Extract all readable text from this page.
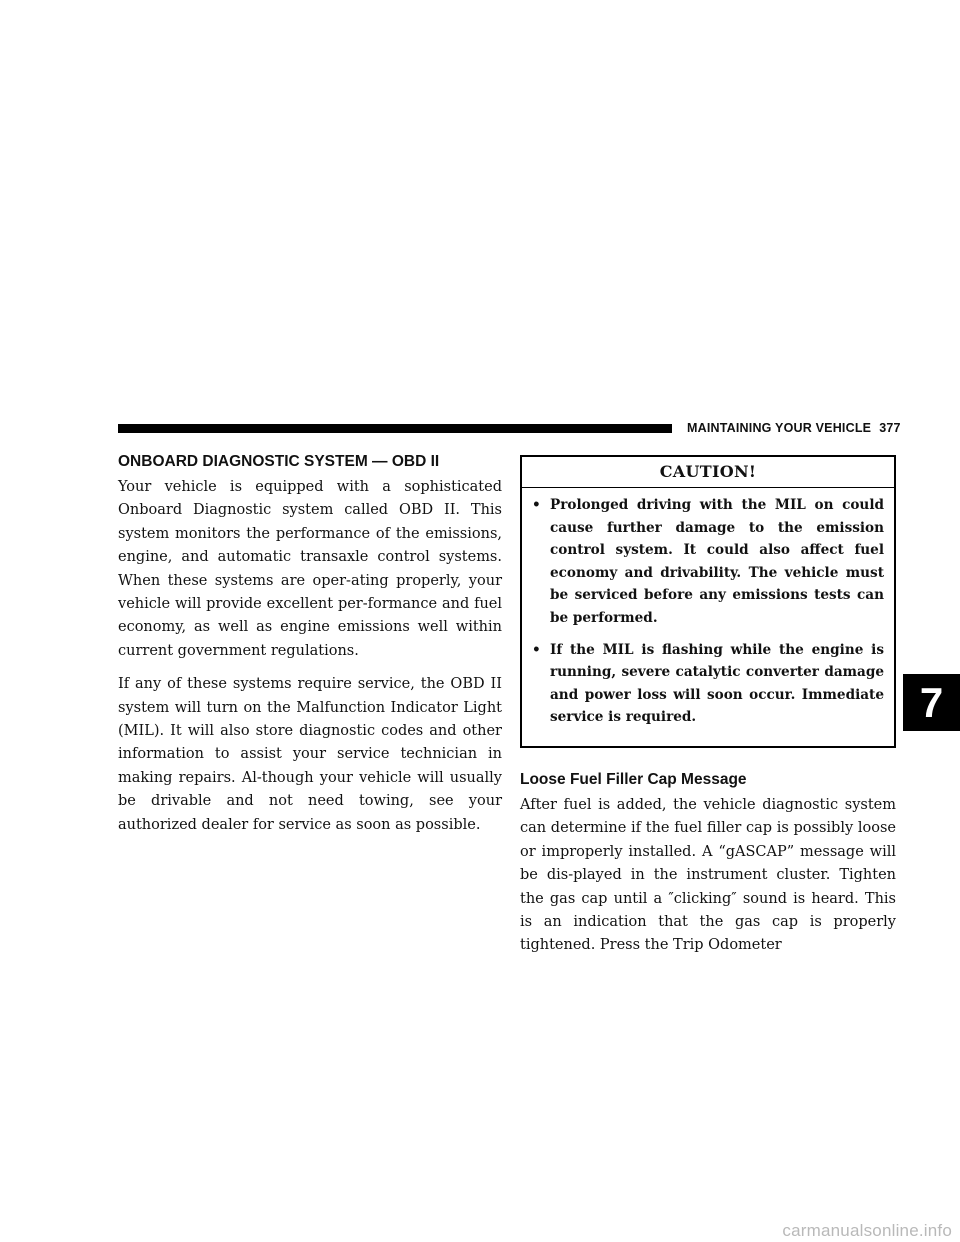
MAINTAINING YOUR VEHICLE 377
ONBOARD DIAGNOSTIC SYSTEM — OBD II

Your vehicle is equipped with a sophisticated Onboard Diagnostic system called OBD II. This system monitors the performance of the emissions, engine, and automatic transaxle control systems. When these systems are oper-ating properly, your vehicle will provide excellent per-formance and fuel economy, as well as engine emissions well within current government regulations.

If any of these systems require service, the OBD II system will turn on the Malfunction Indicator Light (MIL). It will also store diagnostic codes and other information to assist your service technician in making repairs. Al-though your vehicle will usually be drivable and not need towing, see your authorized dealer for service as soon as possible.

CAUTION!
• Prolonged driving with the MIL on could cause further damage to the emission control system. It could also affect fuel economy and drivability. The vehicle must be serviced before any emissions tests can be performed.
• If the MIL is flashing while the engine is running, severe catalytic converter damage and power loss will soon occur. Immediate service is required.
Loose Fuel Filler Cap Message

After fuel is added, the vehicle diagnostic system can determine if the fuel filler cap is possibly loose or improperly installed. A “gASCAP” message will be dis-played in the instrument cluster. Tighten the gas cap until a ″clicking″ sound is heard. This is an indication that the gas cap is properly tightened. Press the Trip Odometer

7
carmanualsonline.info
